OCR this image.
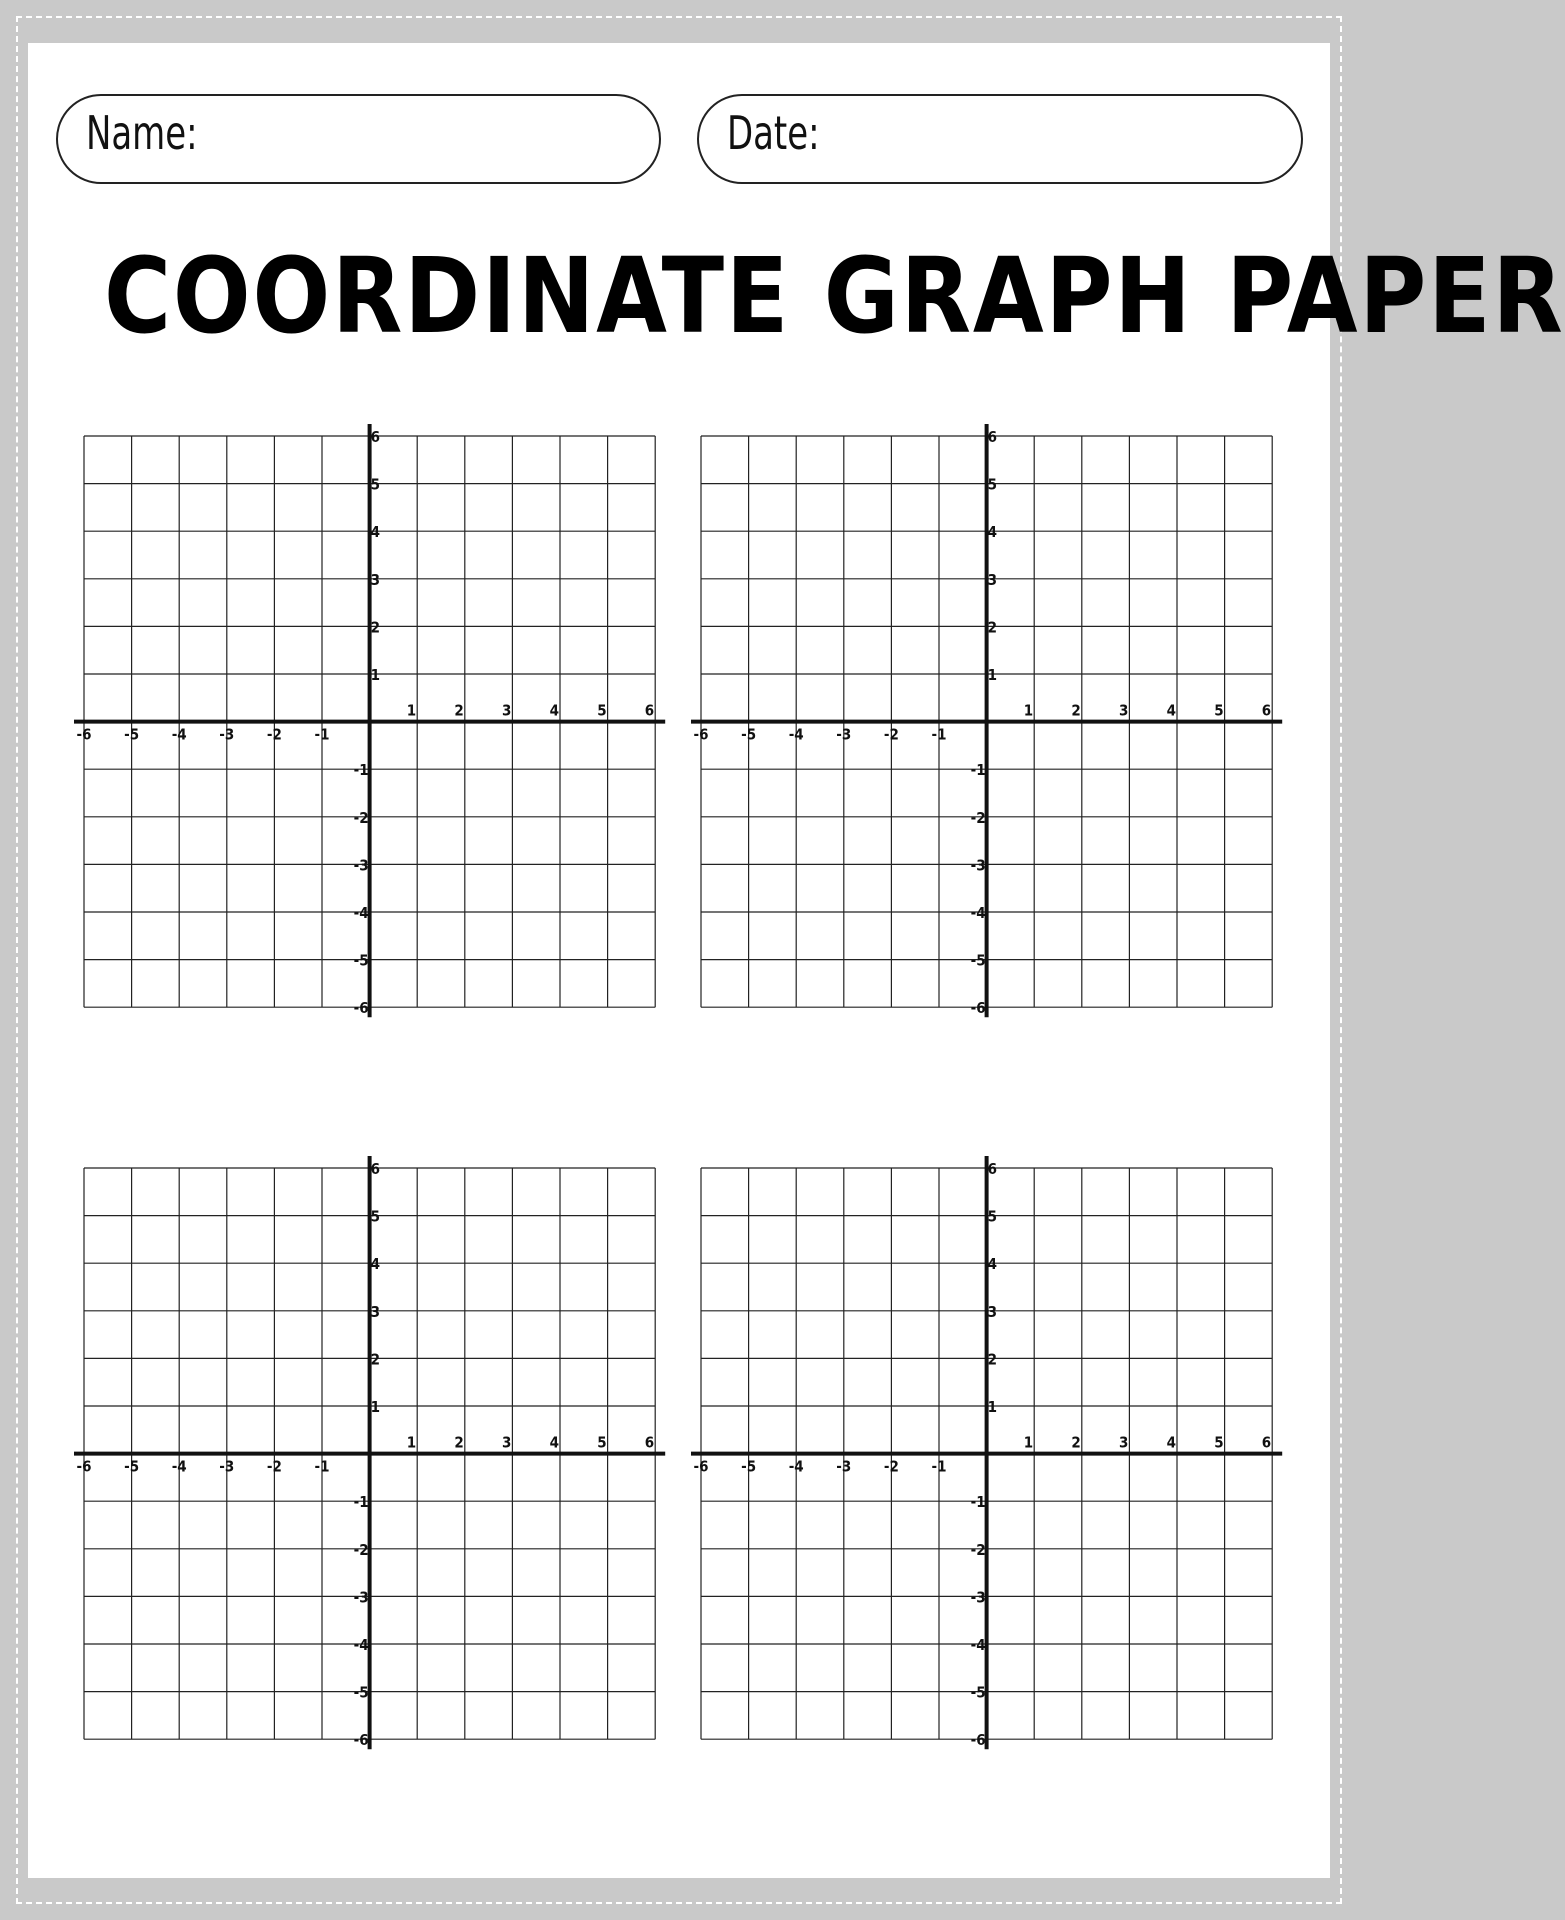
Name:	Date:
COORDINATE GRAPH PAPER
-6 -5 -4 -3 -2 -1
1	2	3	4	5	6
6
5
4
3
2
1
-1
-2
-3
-4
-5
-6
-6 -5 -4 -3 -2 -1
1	2	3	4	5	6
6
5
4
3
2
1
-1
-2
-3
-4
-5
-6
-6 -5 -4 -3 -2 -1
1	2	3	4	5	6
6
5
4
3
2
1
-1
-2
-3
-4
-5
-6
-6 -5 -4 -3 -2 -1
1	2	3	4	5	6
6
5
4
3
2
1
-1
-2
-3
-4
-5
-6
